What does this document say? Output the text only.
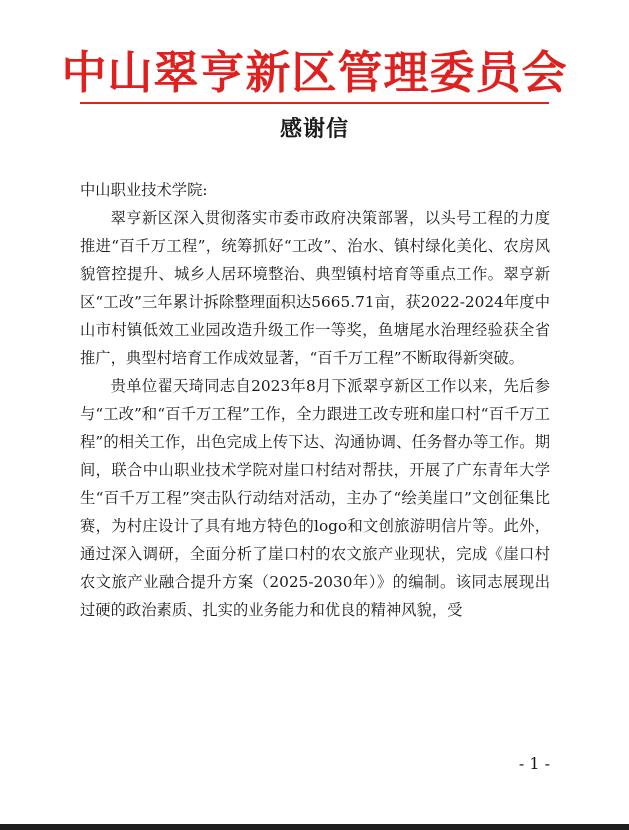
中山翠亨新区管理委员会
感谢信

中山职业技术学院:

翠亨新区深入贯彻落实市委市政府决策部署，以头号工程的力度推进“百千万工程”，统筹抓好“工改”、治水、镇村绿化美化、农房风貌管控提升、城乡人居环境整治、典型镇村培育等重点工作。翠亨新区“工改”三年累计拆除整理面积达5665.71亩，获2022-2024年度中山市村镇低效工业园改造升级工作一等奖，鱼塘尾水治理经验获全省推广，典型村培育工作成效显著，“百千万工程”不断取得新突破。

贵单位翟天琦同志自2023年8月下派翠亨新区工作以来，先后参与“工改”和“百千万工程”工作，全力跟进工改专班和崖口村“百千万工程”的相关工作，出色完成上传下达、沟通协调、任务督办等工作。期间，联合中山职业技术学院对崖口村结对帮扶，开展了广东青年大学生“百千万工程”突击队行动结对活动，主办了“绘美崖口”文创征集比赛，为村庄设计了具有地方特色的logo和文创旅游明信片等。此外，通过深入调研，全面分析了崖口村的农文旅产业现状，完成《崖口村农文旅产业融合提升方案（2025-2030年）》的编制。该同志展现出过硬的政治素质、扎实的业务能力和优良的精神风貌，受

- 1 -
